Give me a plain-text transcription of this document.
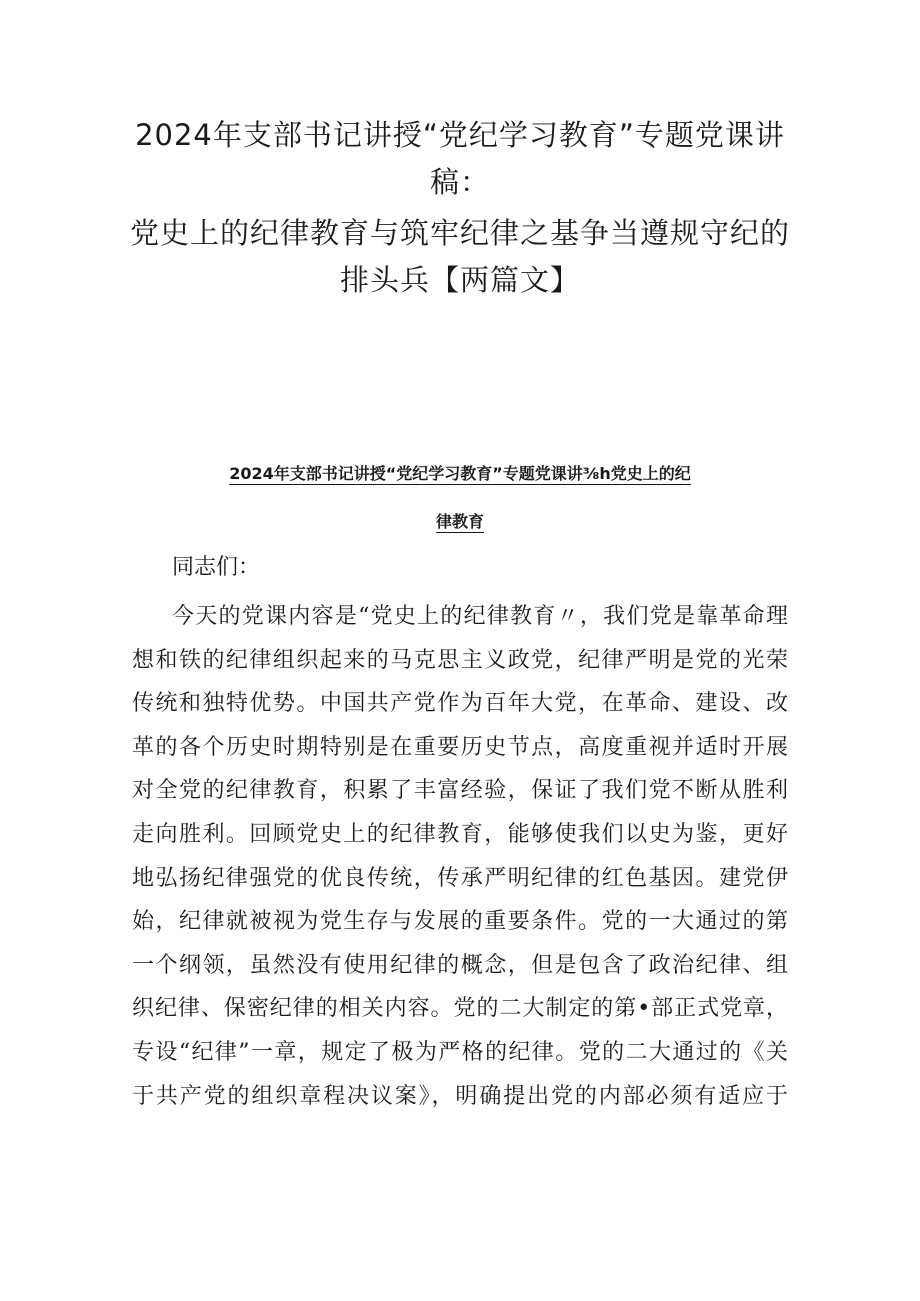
2024年支部书记讲授“党纪学习教育”专题党课讲
稿：
党史上的纪律教育与筑牢纪律之基争当遵规守纪的
排头兵【两篇文】
2024年支部书记讲授“党纪学习教育”专题党课讲⅜h党史上的纪
律教育

同志们：

今天的党课内容是“党史上的纪律教育〃，我们党是靠革命理
想和铁的纪律组织起来的马克思主义政党，纪律严明是党的光荣
传统和独特优势。中国共产党作为百年大党，在革命、建设、改
革的各个历史时期特别是在重要历史节点，高度重视并适时开展
对全党的纪律教育，积累了丰富经验，保证了我们党不断从胜利
走向胜利。回顾党史上的纪律教育，能够使我们以史为鉴，更好
地弘扬纪律强党的优良传统，传承严明纪律的红色基因。建党伊
始，纪律就被视为党生存与发展的重要条件。党的一大通过的第
一个纲领，虽然没有使用纪律的概念，但是包含了政治纪律、组
织纪律、保密纪律的相关内容。党的二大制定的第•部正式党章，
专设“纪律”一章，规定了极为严格的纪律。党的二大通过的《关
于共产党的组织章程决议案》，明确提出党的内部必须有适应于
